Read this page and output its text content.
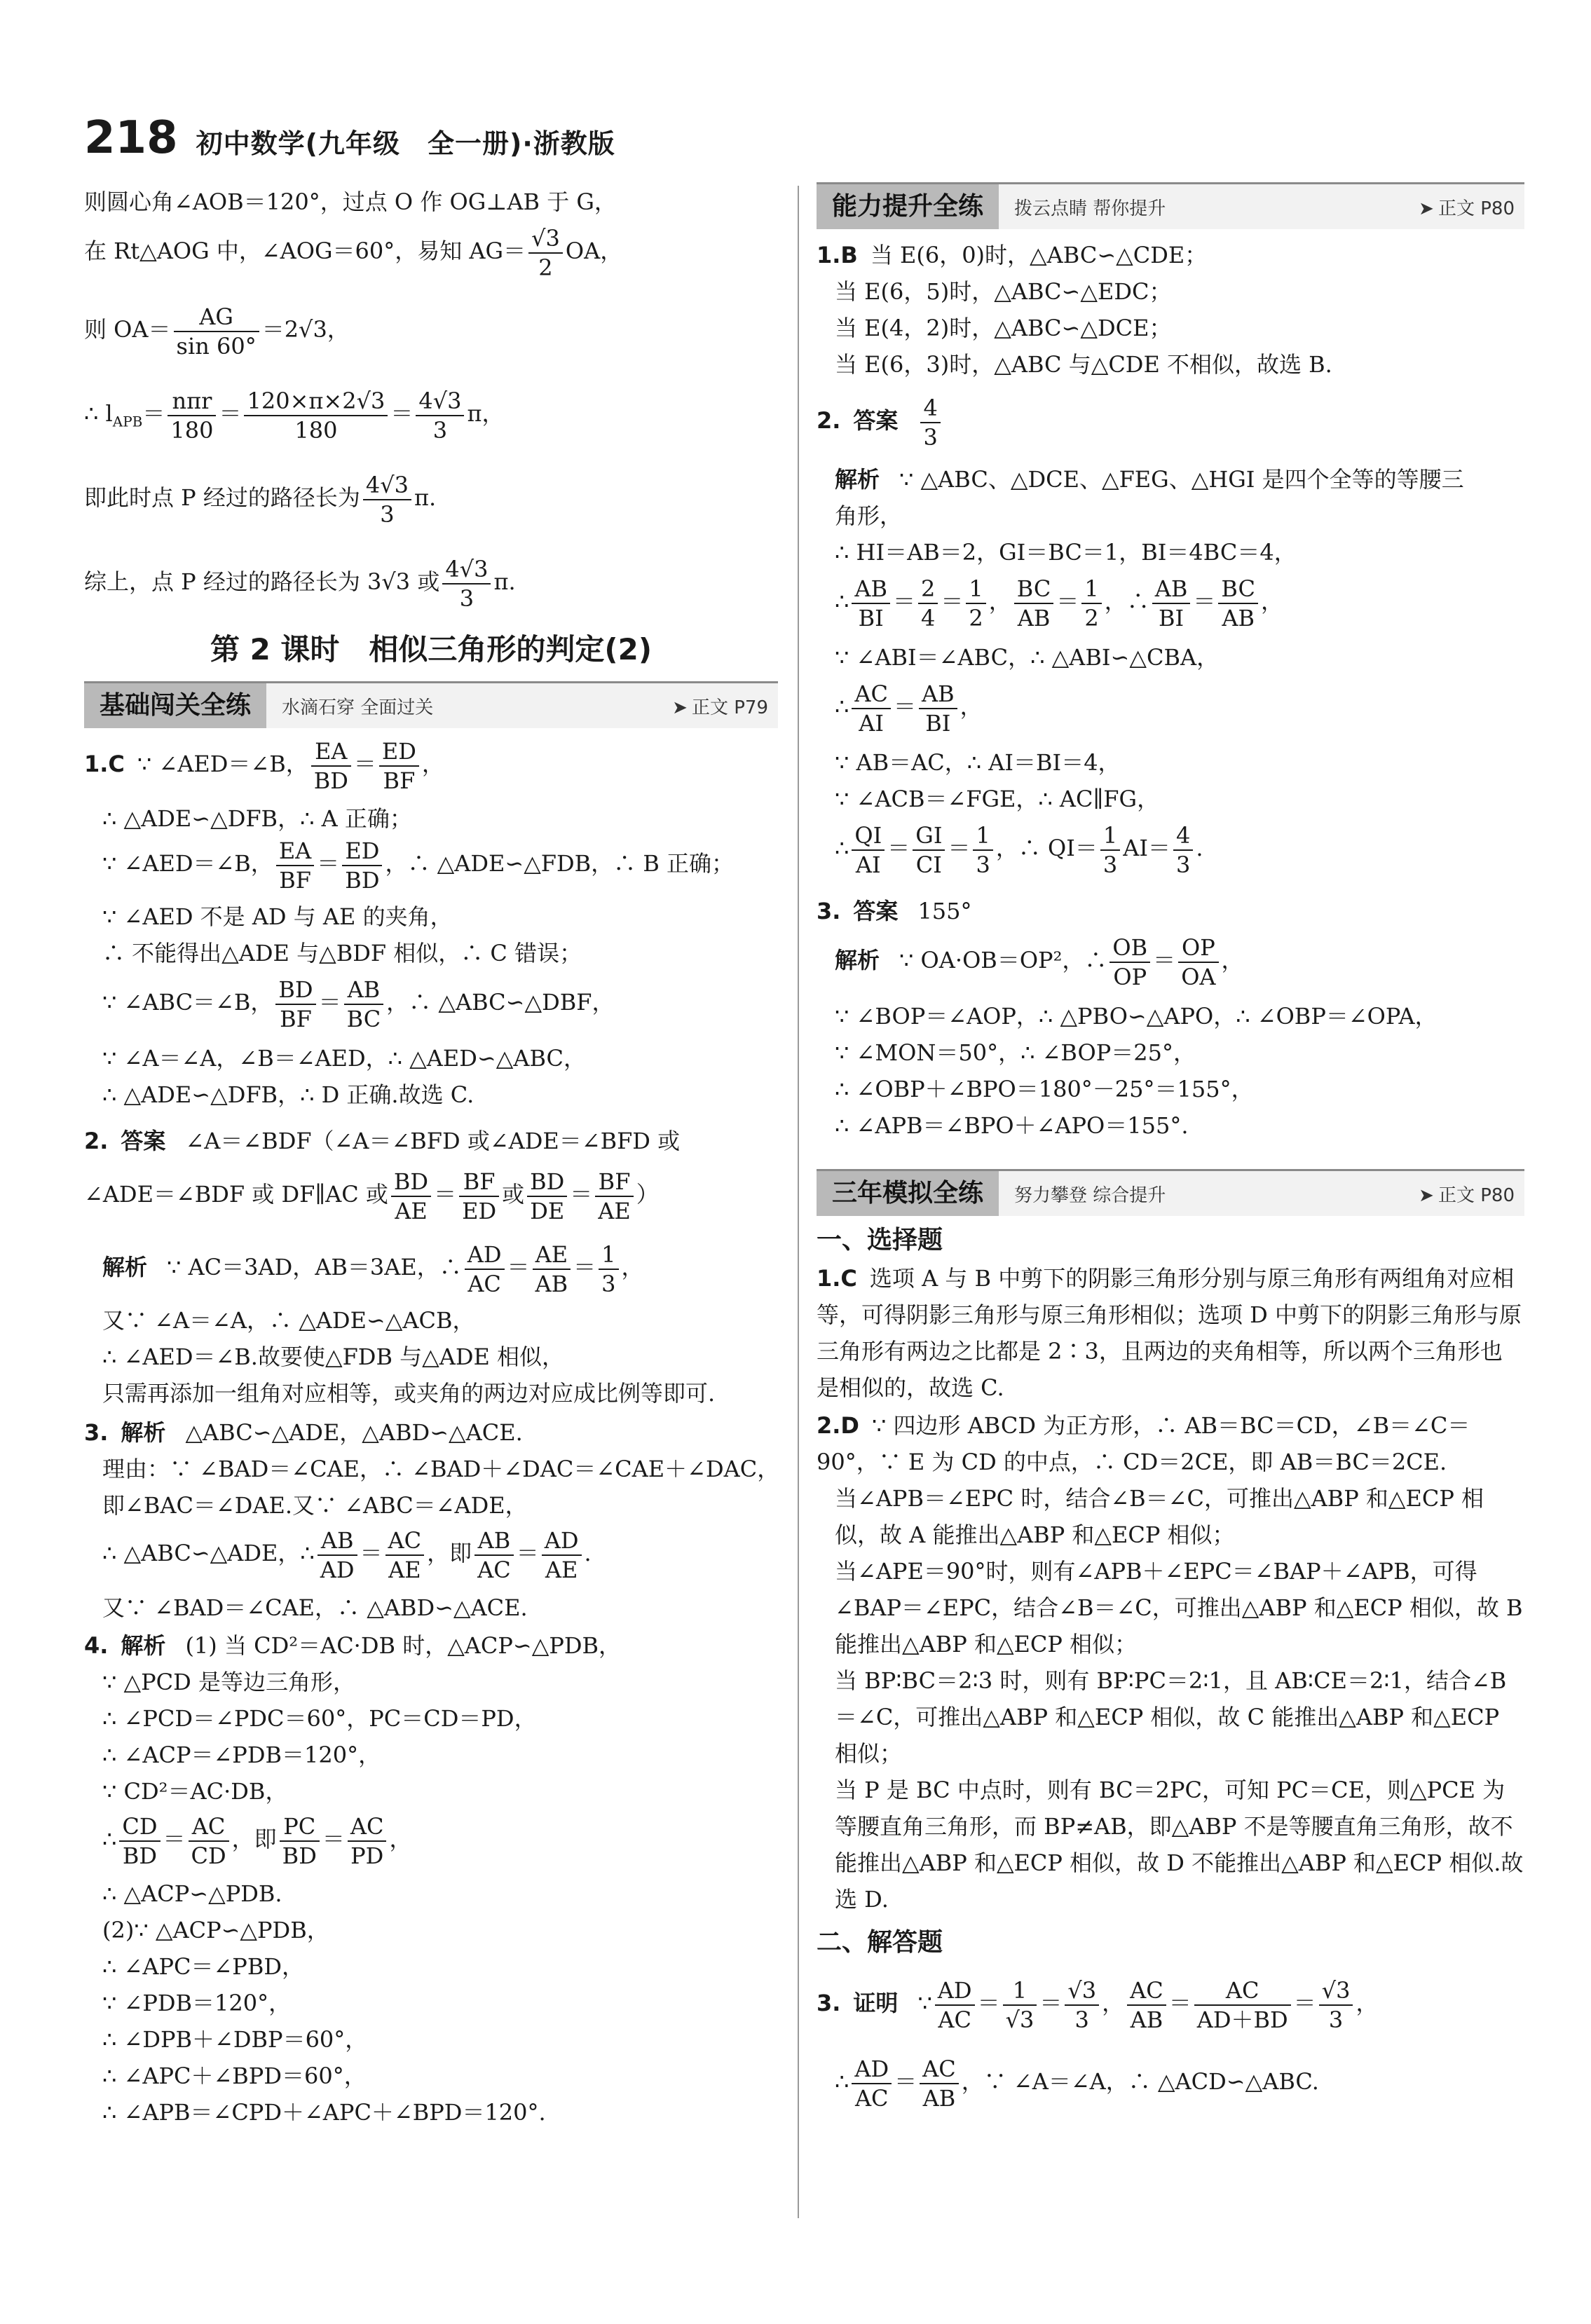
218 初中数学(九年级　全一册)·浙教版
则圆心角∠AOB＝120°，过点 O 作 OG⊥AB 于 G，
在 Rt△AOG 中，∠AOG＝60°，易知 $AG= \frac{√3}{2}$ OA，
则 $OA= \frac{AG}{\sin 60^\circ} =2√3$，
∴ $l_{APB}= \frac{\text{nπr}}{180} = \frac{120\times\pi\times 2√3}{180} = \frac{4√3}{3}$ π，
即此时点 P 经过的路径长为 $\frac{4√3}{3} \pi$.
综上，点 P 经过的路径长为 3√3 或 $\frac{4√3}{3} \pi$.
第 2 课时　相似三角形的判定(2)
基础闯关全练	水滴石穿 全面过关	➤ 正文 P79
1.C ∵ ∠AED＝∠B， $\frac{EA}{BD} = \frac{ED}{BF}$ ，
∴ △ADE∽△DFB，∴ A 正确；
∵ ∠AED＝∠B， $\frac{EA}{BF} = \frac{ED}{BD}$ ，∴ △ADE∽△FDB，∴ B 正确；
∵ ∠AED 不是 AD 与 AE 的夹角，
∴ 不能得出△ADE 与△BDF 相似，∴ C 错误；
∵ ∠ABC＝∠B， $\frac{BD}{BF} = \frac{AB}{BC}$ ，∴ △ABC∽△DBF，
∵ ∠A＝∠A，∠B＝∠AED，∴ △AED∽△ABC，
∴ △ADE∽△DFB，∴ D 正确.故选 C.
2. 答案 ∠A＝∠BDF（∠A＝∠BFD 或∠ADE＝∠BFD 或
∠ADE＝∠BDF 或 DF∥AC 或 $\frac{BD}{AE} = \frac{BF}{ED}$ 或 $\frac{BD}{DE} = \frac{BF}{AE}$ ）
解析 ∵ AC＝3AD，AB＝3AE，∴ $\frac{AD}{AC} = \frac{AE}{AB} = \frac{1}{3}$ ，
又∵ ∠A＝∠A，∴ △ADE∽△ACB，
∴ ∠AED＝∠B.故要使△FDB 与△ADE 相似，
只需再添加一组角对应相等，或夹角的两边对应成比例等即可.
3. 解析 △ABC∽△ADE，△ABD∽△ACE.
理由：∵ ∠BAD＝∠CAE，∴ ∠BAD＋∠DAC＝∠CAE＋∠DAC，
即∠BAC＝∠DAE.又∵ ∠ABC＝∠ADE，
∴ △ABC∽△ADE，∴ $\frac{AB}{AD} = \frac{AC}{AE}$ ，即 $\frac{AB}{AC} = \frac{AD}{AE}$ .
又∵ ∠BAD＝∠CAE，∴ △ABD∽△ACE.
4. 解析 (1) 当 CD²＝AC·DB 时，△ACP∽△PDB，
∵ △PCD 是等边三角形，
∴ ∠PCD＝∠PDC＝60°，PC＝CD＝PD，
∴ ∠ACP＝∠PDB＝120°，
∵ CD²＝AC·DB，
∴ $\frac{CD}{BD} = \frac{AC}{CD}$ ，即 $\frac{PC}{BD} = \frac{AC}{PD}$ ，
∴ △ACP∽△PDB.
(2)∵ △ACP∽△PDB，
∴ ∠APC＝∠PBD，
∵ ∠PDB＝120°，
∴ ∠DPB＋∠DBP＝60°，
∴ ∠APC＋∠BPD＝60°，
∴ ∠APB＝∠CPD＋∠APC＋∠BPD＝120°.
能力提升全练	拨云点睛 帮你提升	➤ 正文 P80
1.B 当 E(6，0)时，△ABC∽△CDE；
当 E(6，5)时，△ABC∽△EDC；
当 E(4，2)时，△ABC∽△DCE；
当 E(6，3)时，△ABC 与△CDE 不相似，故选 B.
2. 答案 $\frac{4}{3}$
解析 ∵ △ABC、△DCE、△FEG、△HGI 是四个全等的等腰三
角形，
∴ HI＝AB＝2，GI＝BC＝1，BI＝4BC＝4，
∴ $\frac{AB}{BI} = \frac{2}{4} = \frac{1}{2}$ ， $\frac{BC}{AB} = \frac{1}{2}$ ，∴ $\frac{AB}{BI} = \frac{BC}{AB}$ ，
∵ ∠ABI＝∠ABC，∴ △ABI∽△CBA，
∴ $\frac{AC}{AI} = \frac{AB}{BI}$ ，
∵ AB＝AC，∴ AI＝BI＝4，
∵ ∠ACB＝∠FGE，∴ AC∥FG，
∴ $\frac{QI}{AI} = \frac{GI}{CI} = \frac{1}{3}$ ，∴ $QI= \frac{1}{3} AI= \frac{4}{3}$ .
3. 答案 155°
解析 ∵ OA·OB＝OP²，∴ $\frac{OB}{OP} = \frac{OP}{OA}$ ，
∵ ∠BOP＝∠AOP，∴ △PBO∽△APO，∴ ∠OBP＝∠OPA，
∵ ∠MON＝50°，∴ ∠BOP＝25°，
∴ ∠OBP＋∠BPO＝180°－25°＝155°，
∴ ∠APB＝∠BPO＋∠APO＝155°.
三年模拟全练	努力攀登 综合提升	➤ 正文 P80
一、选择题
1.C 选项 A 与 B 中剪下的阴影三角形分别与原三角形有两组角对应相等，可得阴影三角形与原三角形相似；选项 D 中剪下的阴影三角形与原三角形有两边之比都是 2∶3，且两边的夹角相等，所以两个三角形也是相似的，故选 C.
2.D ∵ 四边形 ABCD 为正方形，∴ AB＝BC＝CD，∠B＝∠C＝90°，∵ E 为 CD 的中点，∴ CD＝2CE，即 AB＝BC＝2CE.
当∠APB＝∠EPC 时，结合∠B＝∠C，可推出△ABP 和△ECP 相似，故 A 能推出△ABP 和△ECP 相似；
当∠APE＝90°时，则有∠APB＋∠EPC＝∠BAP＋∠APB，可得∠BAP＝∠EPC，结合∠B＝∠C，可推出△ABP 和△ECP 相似，故 B 能推出△ABP 和△ECP 相似；
当 BP∶BC＝2∶3 时，则有 BP∶PC＝2∶1，且 AB∶CE＝2∶1，结合∠B＝∠C，可推出△ABP 和△ECP 相似，故 C 能推出△ABP 和△ECP 相似；
当 P 是 BC 中点时，则有 BC＝2PC，可知 PC＝CE，则△PCE 为等腰直角三角形，而 BP≠AB，即△ABP 不是等腰直角三角形，故不能推出△ABP 和△ECP 相似，故 D 不能推出△ABP 和△ECP 相似.故选 D.
二、解答题
3. 证明 ∵ $\frac{AD}{AC} = \frac{1}{√3} = \frac{√3}{3}$ ， $\frac{AC}{AB} = \frac{AC}{AD+BD} = \frac{√3}{3}$ ，
∴ $\frac{AD}{AC} = \frac{AC}{AB}$ ，∵ ∠A＝∠A，∴ △ACD∽△ABC.
